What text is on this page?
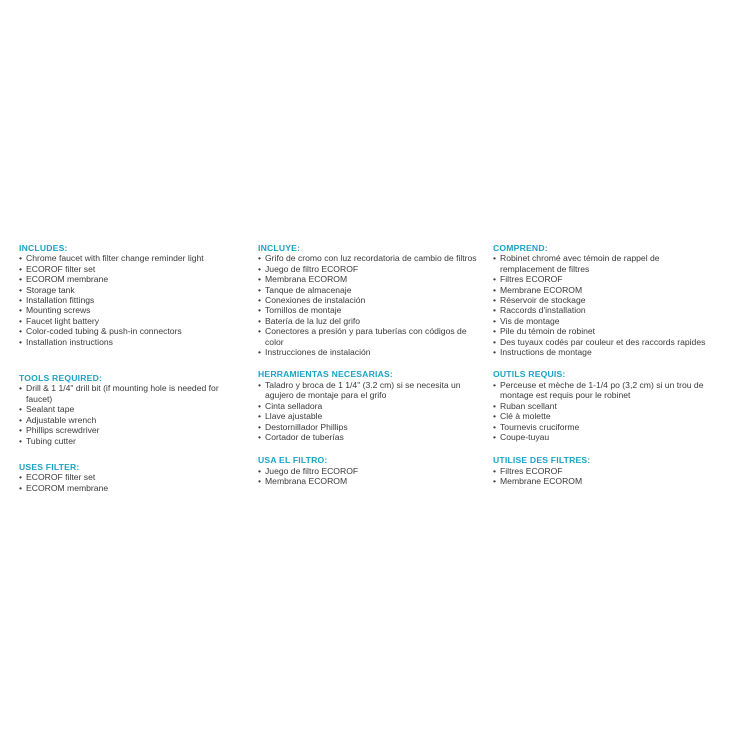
INCLUDES:
• Chrome faucet with filter change reminder light
• ECOROF filter set
• ECOROM membrane
• Storage tank
• Installation fittings
• Mounting screws
• Faucet light battery
• Color-coded tubing & push-in connectors
• Installation instructions
TOOLS REQUIRED:
• Drill & 1 1/4" drill bit (if mounting hole is needed for faucet)
• Sealant tape
• Adjustable wrench
• Phillips screwdriver
• Tubing cutter
USES FILTER:
• ECOROF filter set
• ECOROM membrane
INCLUYE:
• Grifo de cromo con luz recordatoria de cambio de filtros
• Juego de filtro ECOROF
• Membrana ECOROM
• Tanque de almacenaje
• Conexiones de instalación
• Tornillos de montaje
• Batería de la luz del grifo
• Conectores a presión y para tuberías con códigos de color
• Instrucciones de instalación
HERRAMIENTAS NECESARIAS:
• Taladro y broca de 1 1/4" (3.2 cm) si se necesita un agujero de montaje para el grifo
• Cinta selladora
• Llave ajustable
• Destornillador Phillips
• Cortador de tuberías
USA EL FILTRO:
• Juego de filtro ECOROF
• Membrana ECOROM
COMPREND:
• Robinet chromé avec témoin de rappel de remplacement de filtres
• Filtres ECOROF
• Membrane ECOROM
• Réservoir de stockage
• Raccords d'installation
• Vis de montage
• Pile du témoin de robinet
• Des tuyaux codés par couleur et des raccords rapides
• Instructions de montage
OUTILS REQUIS:
• Perceuse et mèche de 1-1/4 po (3,2 cm) si un trou de montage est requis pour le robinet
• Ruban scellant
• Clé à molette
• Tournevis cruciforme
• Coupe-tuyau
UTILISE DES FILTRES:
• Filtres ECOROF
• Membrane ECOROM
